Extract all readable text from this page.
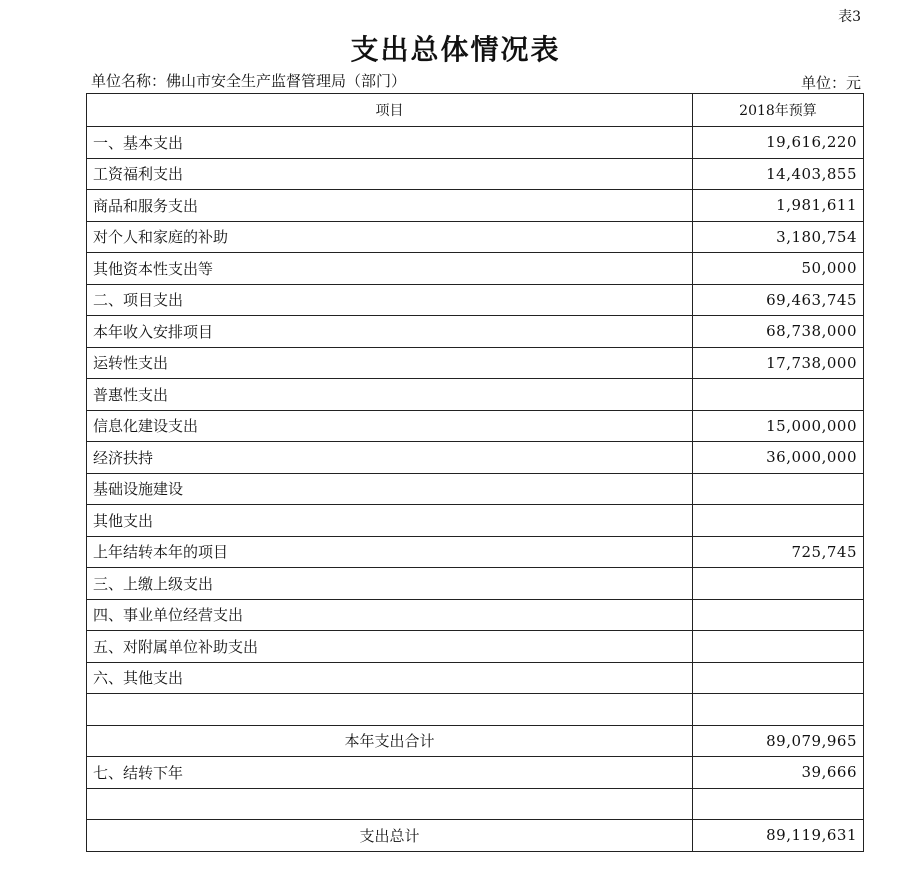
表3
支出总体情况表
单位名称：佛山市安全生产监督管理局（部门）	单位：元
项目	2018年预算
一、基本支出	19,616,220
工资福利支出	14,403,855
商品和服务支出	1,981,611
对个人和家庭的补助	3,180,754
其他资本性支出等	50,000
二、项目支出	69,463,745
本年收入安排项目	68,738,000
运转性支出	17,738,000
普惠性支出	
信息化建设支出	15,000,000
经济扶持	36,000,000
基础设施建设	
其他支出	
上年结转本年的项目	725,745
三、上缴上级支出	
四、事业单位经营支出	
五、对附属单位补助支出	
六、其他支出	

本年支出合计	89,079,965
七、结转下年	39,666

支出总计	89,119,631
